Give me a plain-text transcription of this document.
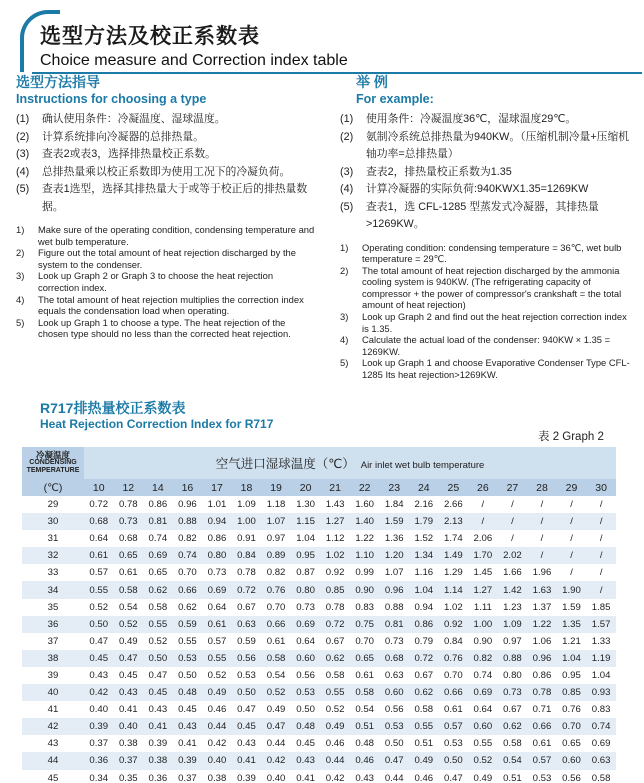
选型方法及校正系数表
Choice measure and Correction index table
选型方法指导
Instructions for choosing a type
(1)	确认使用条件：冷凝温度、湿球温度。
(2)	计算系统排向冷凝器的总排热量。
(3)	查表2或表3，选择排热量校正系数。
(4)	总排热量乘以校正系数即为使用工况下的冷凝负荷。
(5)	查表1选型，选择其排热量大于或等于校正后的排热量数据。
1)	Make sure of the operating condition, condensing temperature and wet bulb temperature.
2)	Figure out the total amount of heat rejection discharged by the system to the condenser.
3)	Look up Graph 2 or Graph 3 to choose the heat rejection correction index.
4)	The total amount of heat rejection multiplies the correction index equals the condensation load when operating.
5)	Look up Graph 1 to choose a type. The heat rejection of the chosen type should no less than the corrected heat rejection.
举 例
For example:
(1)	使用条件：冷凝温度36℃，湿球温度29℃。
(2)	氨制冷系统总排热量为940KW。（压缩机制冷量+压缩机轴功率=总排热量）
(3)	查表2，排热量校正系数为1.35
(4)	计算冷凝器的实际负荷:940KWX1.35=1269KW
(5)	查表1，选 CFL-1285 型蒸发式冷凝器，其排热量>1269KW。
1)	Operating condition: condensing temperature = 36℃, wet bulb temperature = 29℃.
2)	The total amount of heat rejection discharged by the ammonia cooling system is 940KW. (The refrigerating capacity of compressor + the power of compressor's crankshaft = the total amount of heat rejection)
3)	Look up Graph 2 and find out the heat rejection correction index is 1.35.
4)	Calculate the actual load of the condenser: 940KW × 1.35 = 1269KW.
5)	Look up Graph 1 and choose Evaporative Condenser Type CFL-1285 Its heat rejection>1269KW.
R717排热量校正系数表
Heat Rejection Correction Index for R717
表 2 Graph 2
冷凝温度
CONDENSING
TEMPERATURE	空气进口湿球温度（℃） Air inlet wet bulb temperature																	
(℃)	10	12	14	16	17	18	19	20	21	22	23	24	25	26	27	28	29	30
29	0.72	0.78	0.86	0.96	1.01	1.09	1.18	1.30	1.43	1.60	1.84	2.16	2.66	/	/	/	/	/
30	0.68	0.73	0.81	0.88	0.94	1.00	1.07	1.15	1.27	1.40	1.59	1.79	2.13	/	/	/	/	/
31	0.64	0.68	0.74	0.82	0.86	0.91	0.97	1.04	1.12	1.22	1.36	1.52	1.74	2.06	/	/	/	/
32	0.61	0.65	0.69	0.74	0.80	0.84	0.89	0.95	1.02	1.10	1.20	1.34	1.49	1.70	2.02	/	/	/
33	0.57	0.61	0.65	0.70	0.73	0.78	0.82	0.87	0.92	0.99	1.07	1.16	1.29	1.45	1.66	1.96	/	/
34	0.55	0.58	0.62	0.66	0.69	0.72	0.76	0.80	0.85	0.90	0.96	1.04	1.14	1.27	1.42	1.63	1.90	/
35	0.52	0.54	0.58	0.62	0.64	0.67	0.70	0.73	0.78	0.83	0.88	0.94	1.02	1.11	1.23	1.37	1.59	1.85
36	0.50	0.52	0.55	0.59	0.61	0.63	0.66	0.69	0.72	0.75	0.81	0.86	0.92	1.00	1.09	1.22	1.35	1.57
37	0.47	0.49	0.52	0.55	0.57	0.59	0.61	0.64	0.67	0.70	0.73	0.79	0.84	0.90	0.97	1.06	1.21	1.33
38	0.45	0.47	0.50	0.53	0.55	0.56	0.58	0.60	0.62	0.65	0.68	0.72	0.76	0.82	0.88	0.96	1.04	1.19
39	0.43	0.45	0.47	0.50	0.52	0.53	0.54	0.56	0.58	0.61	0.63	0.67	0.70	0.74	0.80	0.86	0.95	1.04
40	0.42	0.43	0.45	0.48	0.49	0.50	0.52	0.53	0.55	0.58	0.60	0.62	0.66	0.69	0.73	0.78	0.85	0.93
41	0.40	0.41	0.43	0.45	0.46	0.47	0.49	0.50	0.52	0.54	0.56	0.58	0.61	0.64	0.67	0.71	0.76	0.83
42	0.39	0.40	0.41	0.43	0.44	0.45	0.47	0.48	0.49	0.51	0.53	0.55	0.57	0.60	0.62	0.66	0.70	0.74
43	0.37	0.38	0.39	0.41	0.42	0.43	0.44	0.45	0.46	0.48	0.50	0.51	0.53	0.55	0.58	0.61	0.65	0.69
44	0.36	0.37	0.38	0.39	0.40	0.41	0.42	0.43	0.44	0.46	0.47	0.49	0.50	0.52	0.54	0.57	0.60	0.63
45	0.34	0.35	0.36	0.37	0.38	0.39	0.40	0.41	0.42	0.43	0.44	0.46	0.47	0.49	0.51	0.53	0.56	0.58
